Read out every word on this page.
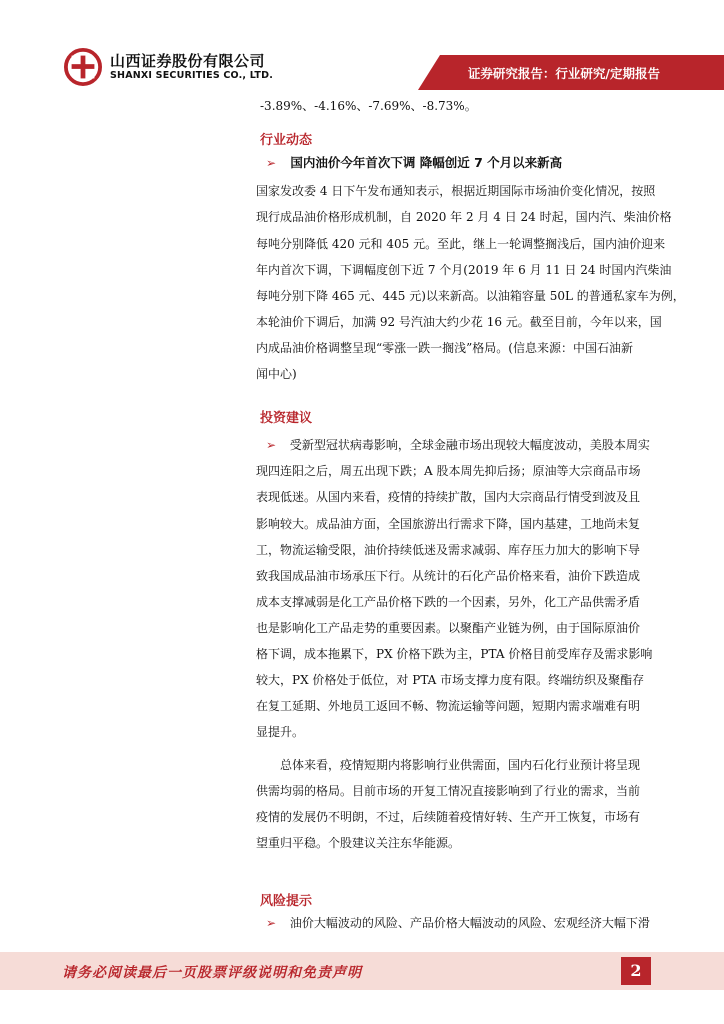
山西证券股份有限公司
SHANXI SECURITIES CO., LTD.	证券研究报告：行业研究/定期报告
-3.89%、-4.16%、-7.69%、-8.73%。
行业动态
➢ 国内油价今年首次下调 降幅创近 7 个月以来新高
国家发改委 4 日下午发布通知表示，根据近期国际市场油价变化情况，按照
现行成品油价格形成机制，自 2020 年 2 月 4 日 24 时起，国内汽、柴油价格
每吨分别降低 420 元和 405 元。至此，继上一轮调整搁浅后，国内油价迎来
年内首次下调，下调幅度创下近 7 个月(2019 年 6 月 11 日 24 时国内汽柴油
每吨分别下降 465 元、445 元)以来新高。以油箱容量 50L 的普通私家车为例，
本轮油价下调后，加满 92 号汽油大约少花 16 元。截至目前，今年以来，国
内成品油价格调整呈现“零涨一跌一搁浅”格局。(信息来源：中国石油新
闻中心)
投资建议
➢ 受新型冠状病毒影响，全球金融市场出现较大幅度波动，美股本周实
现四连阳之后，周五出现下跌；A 股本周先抑后扬；原油等大宗商品市场
表现低迷。从国内来看，疫情的持续扩散，国内大宗商品行情受到波及且
影响较大。成品油方面，全国旅游出行需求下降，国内基建，工地尚未复
工，物流运输受限，油价持续低迷及需求减弱、库存压力加大的影响下导
致我国成品油市场承压下行。从统计的石化产品价格来看，油价下跌造成
成本支撑减弱是化工产品价格下跌的一个因素，另外，化工产品供需矛盾
也是影响化工产品走势的重要因素。以聚酯产业链为例，由于国际原油价
格下调，成本拖累下，PX 价格下跌为主，PTA 价格目前受库存及需求影响
较大，PX 价格处于低位，对 PTA 市场支撑力度有限。终端纺织及聚酯存
在复工延期、外地员工返回不畅、物流运输等问题，短期内需求端难有明
显提升。
总体来看，疫情短期内将影响行业供需面，国内石化行业预计将呈现
供需均弱的格局。目前市场的开复工情况直接影响到了行业的需求，当前
疫情的发展仍不明朗，不过，后续随着疫情好转、生产开工恢复，市场有
望重归平稳。个股建议关注东华能源。
风险提示
➢ 油价大幅波动的风险、产品价格大幅波动的风险、宏观经济大幅下滑
请务必阅读最后一页股票评级说明和免责声明	2
